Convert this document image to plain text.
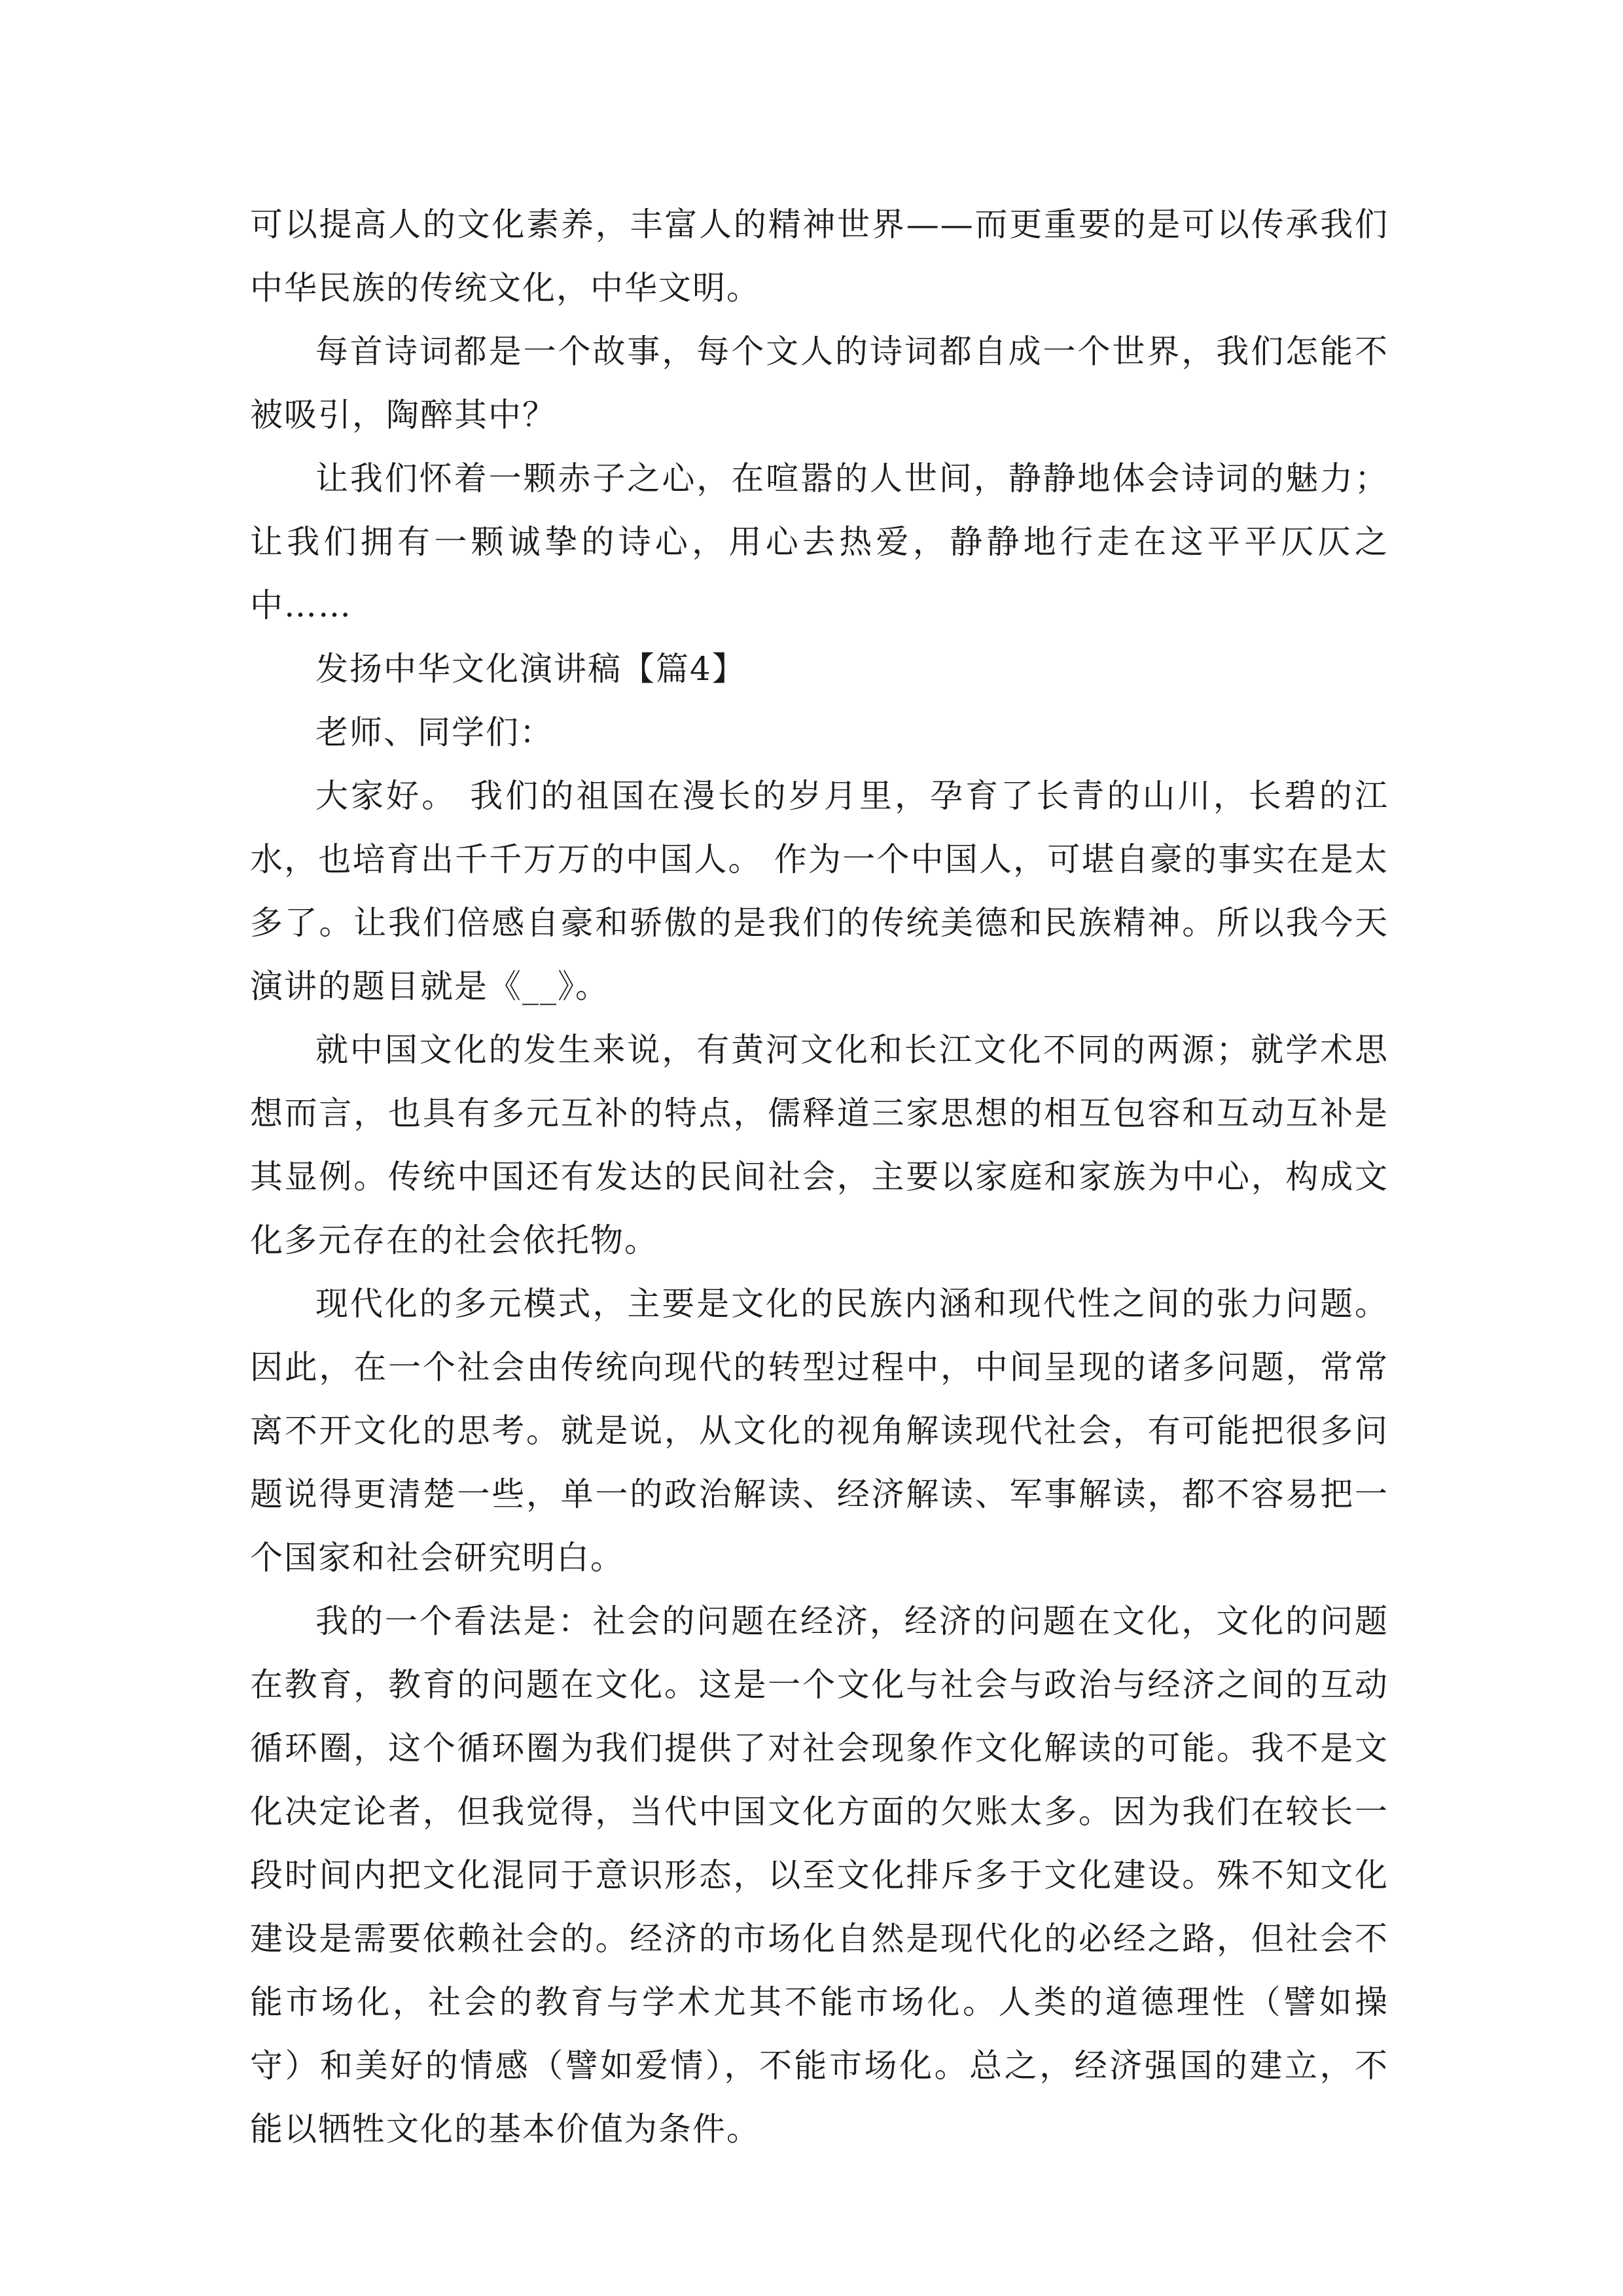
可以提高人的文化素养，丰富人的精神世界——而更重要的是可以传承我们中华民族的传统文化，中华文明。

每首诗词都是一个故事，每个文人的诗词都自成一个世界，我们怎能不被吸引，陶醉其中？

让我们怀着一颗赤子之心，在喧嚣的人世间，静静地体会诗词的魅力；让我们拥有一颗诚挚的诗心，用心去热爱，静静地行走在这平平仄仄之中……

发扬中华文化演讲稿【篇4】

老师、同学们：

大家好。 我们的祖国在漫长的岁月里，孕育了长青的山川，长碧的江水，也培育出千千万万的中国人。 作为一个中国人，可堪自豪的事实在是太多了。让我们倍感自豪和骄傲的是我们的传统美德和民族精神。所以我今天演讲的题目就是《__》。

就中国文化的发生来说，有黄河文化和长江文化不同的两源；就学术思想而言，也具有多元互补的特点，儒释道三家思想的相互包容和互动互补是其显例。传统中国还有发达的民间社会，主要以家庭和家族为中心，构成文化多元存在的社会依托物。

现代化的多元模式，主要是文化的民族内涵和现代性之间的张力问题。因此，在一个社会由传统向现代的转型过程中，中间呈现的诸多问题，常常离不开文化的思考。就是说，从文化的视角解读现代社会，有可能把很多问题说得更清楚一些，单一的政治解读、经济解读、军事解读，都不容易把一个国家和社会研究明白。

我的一个看法是：社会的问题在经济，经济的问题在文化，文化的问题在教育，教育的问题在文化。这是一个文化与社会与政治与经济之间的互动循环圈，这个循环圈为我们提供了对社会现象作文化解读的可能。我不是文化决定论者，但我觉得，当代中国文化方面的欠账太多。因为我们在较长一段时间内把文化混同于意识形态，以至文化排斥多于文化建设。殊不知文化建设是需要依赖社会的。经济的市场化自然是现代化的必经之路，但社会不能市场化，社会的教育与学术尤其不能市场化。人类的道德理性（譬如操守）和美好的情感（譬如爱情），不能市场化。总之，经济强国的建立，不能以牺牲文化的基本价值为条件。
